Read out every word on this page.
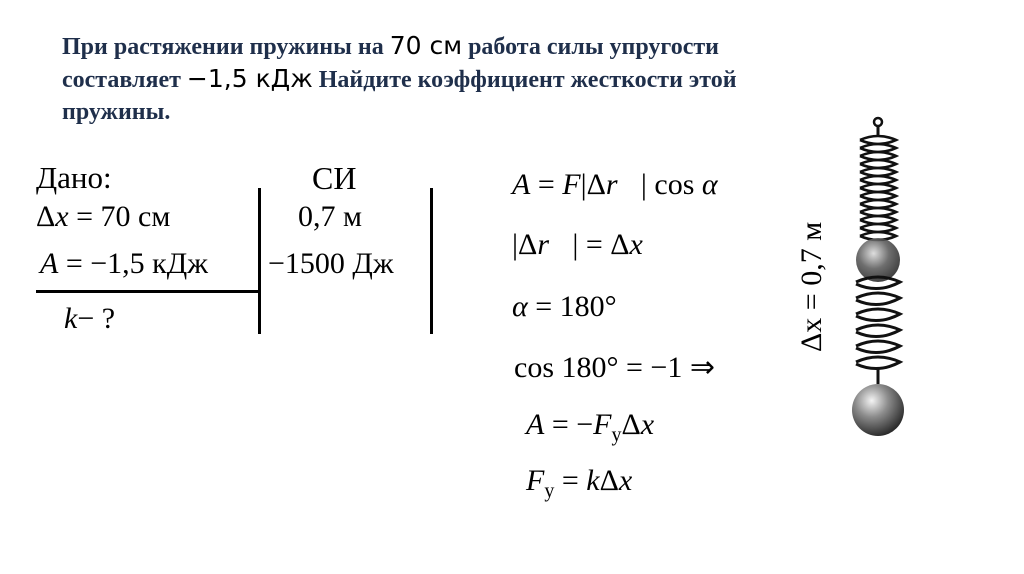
При растяжении пружины на 70 см работа силы упругости
составляет −1,5 кДж Найдите коэффициент жесткости этой
пружины.
Дано:	СИ
Δx = 70 см	0,7 м
A = −1,5 кДж −1500 Дж
k− ?
A = F|Δr⃗| cos α
|Δr⃗| = Δx
α = 180°
cos 180° = −1 ⇒
$A = -F_у\Delta x$
$F_у = k\Delta x$
Δx = 0,7 м
